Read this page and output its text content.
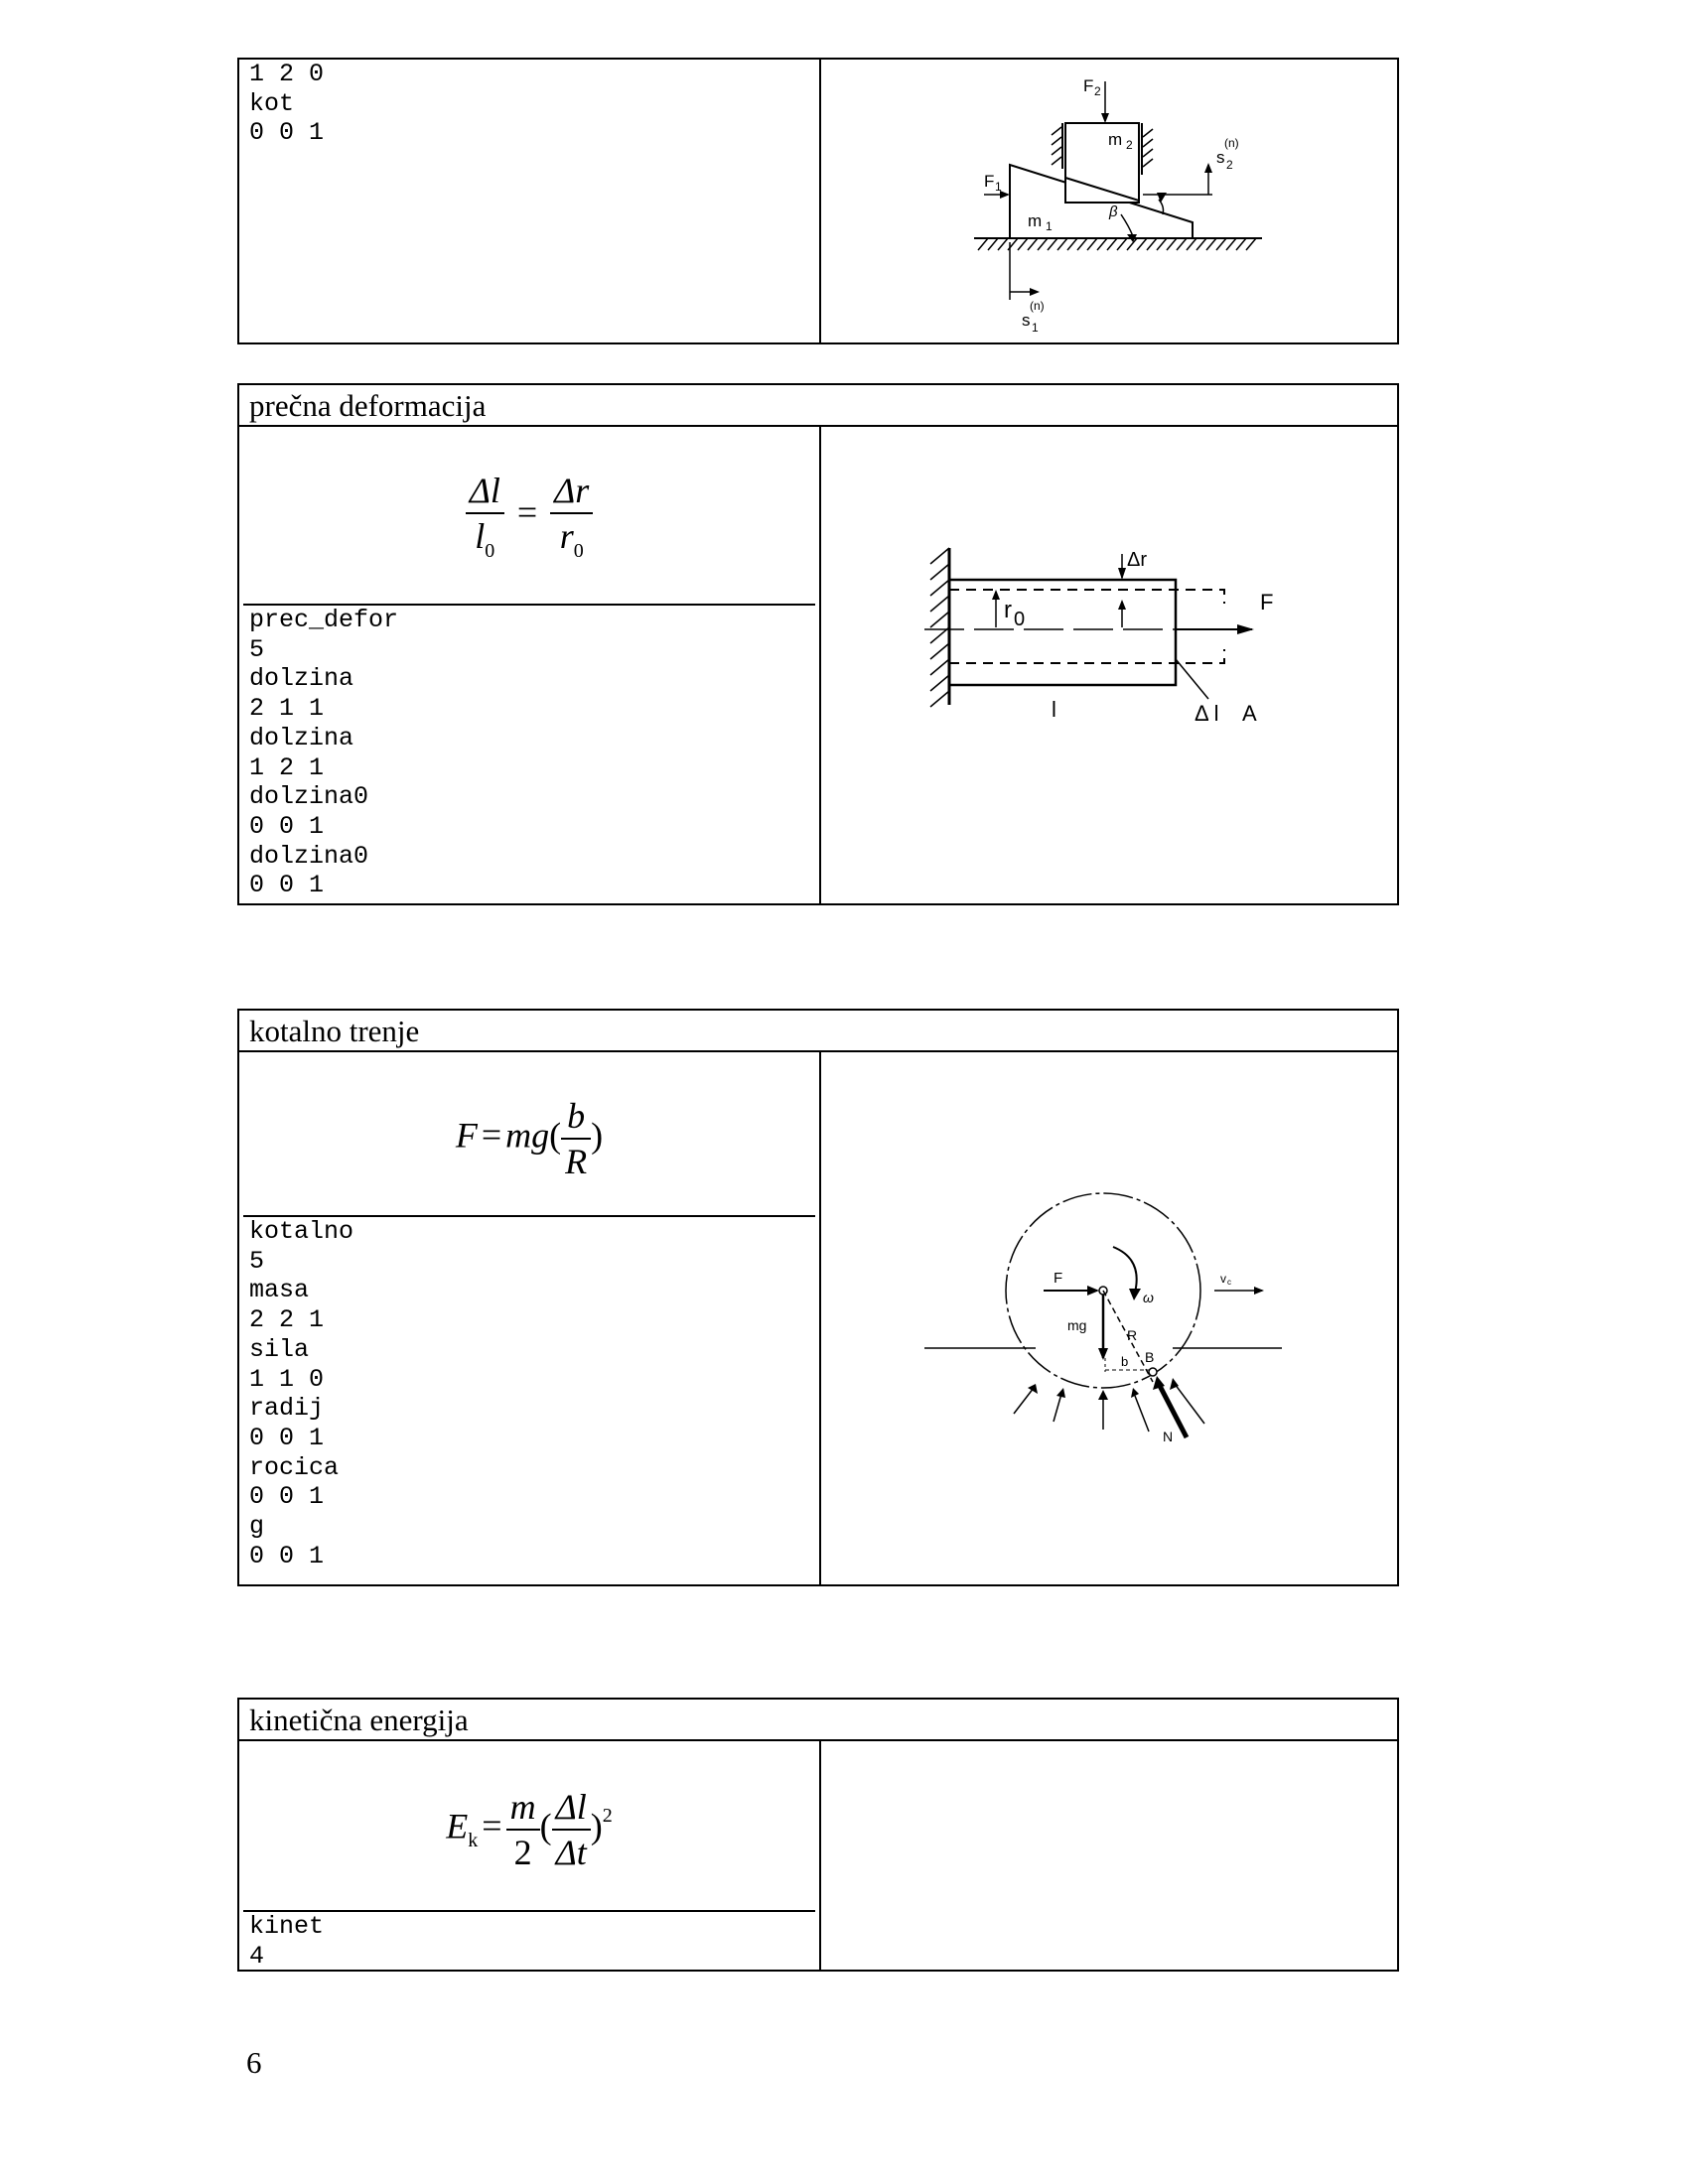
1 2 0
kot
0 0 1
F 2
m 2
s 2
(n)
F 1
m 1
β
s 1
(n)
prečna deformacija
$\frac{\Delta l}{l_0} = \frac{\Delta r}{r_0}$
prec_defor
5
dolzina
2 1 1
dolzina
1 2 1
dolzina0
0 0 1
dolzina0
0 0 1
F
Δr
r 0
l	Δ l A
kotalno trenje
$F = mg( \frac{b}{R}$ )
kotalno
5
masa
2 2 1
sila
1 1 0
radij
0 0 1
rocica
0 0 1
g
0 0 1
F
ω
v c
mg
R
b B
N
kinetična energija
$E_k = \frac{m}{2}$ ( $\frac{\Delta l}{\Delta t} )^2$
kinet
4
6
